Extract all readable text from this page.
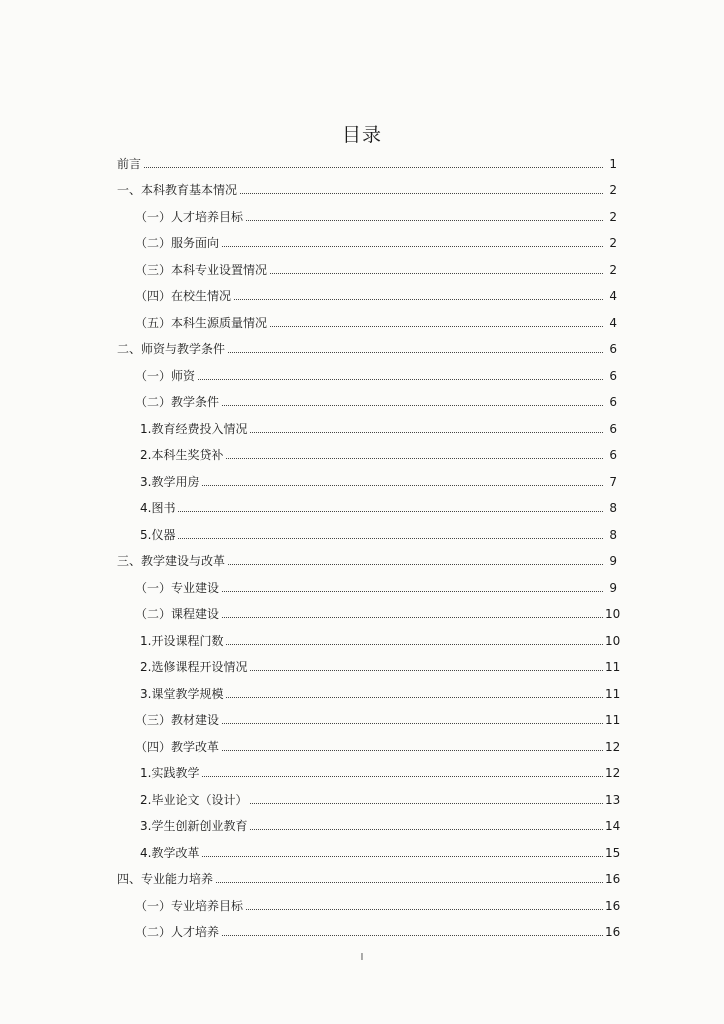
目录
前言	1
一、本科教育基本情况	2
（一）人才培养目标	2
（二）服务面向	2
（三）本科专业设置情况	2
（四）在校生情况	4
（五）本科生源质量情况	4
二、师资与教学条件	6
（一）师资	6
（二）教学条件	6
1.教育经费投入情况	6
2.本科生奖贷补	6
3.教学用房	7
4.图书	8
5.仪器	8
三、教学建设与改革	9
（一）专业建设	9
（二）课程建设	10
1.开设课程门数	10
2.选修课程开设情况	11
3.课堂教学规模	11
（三）教材建设	11
（四）教学改革	12
1.实践教学	12
2.毕业论文（设计）	13
3.学生创新创业教育	14
4.教学改革	15
四、专业能力培养	16
（一）专业培养目标	16
（二）人才培养	16
I
